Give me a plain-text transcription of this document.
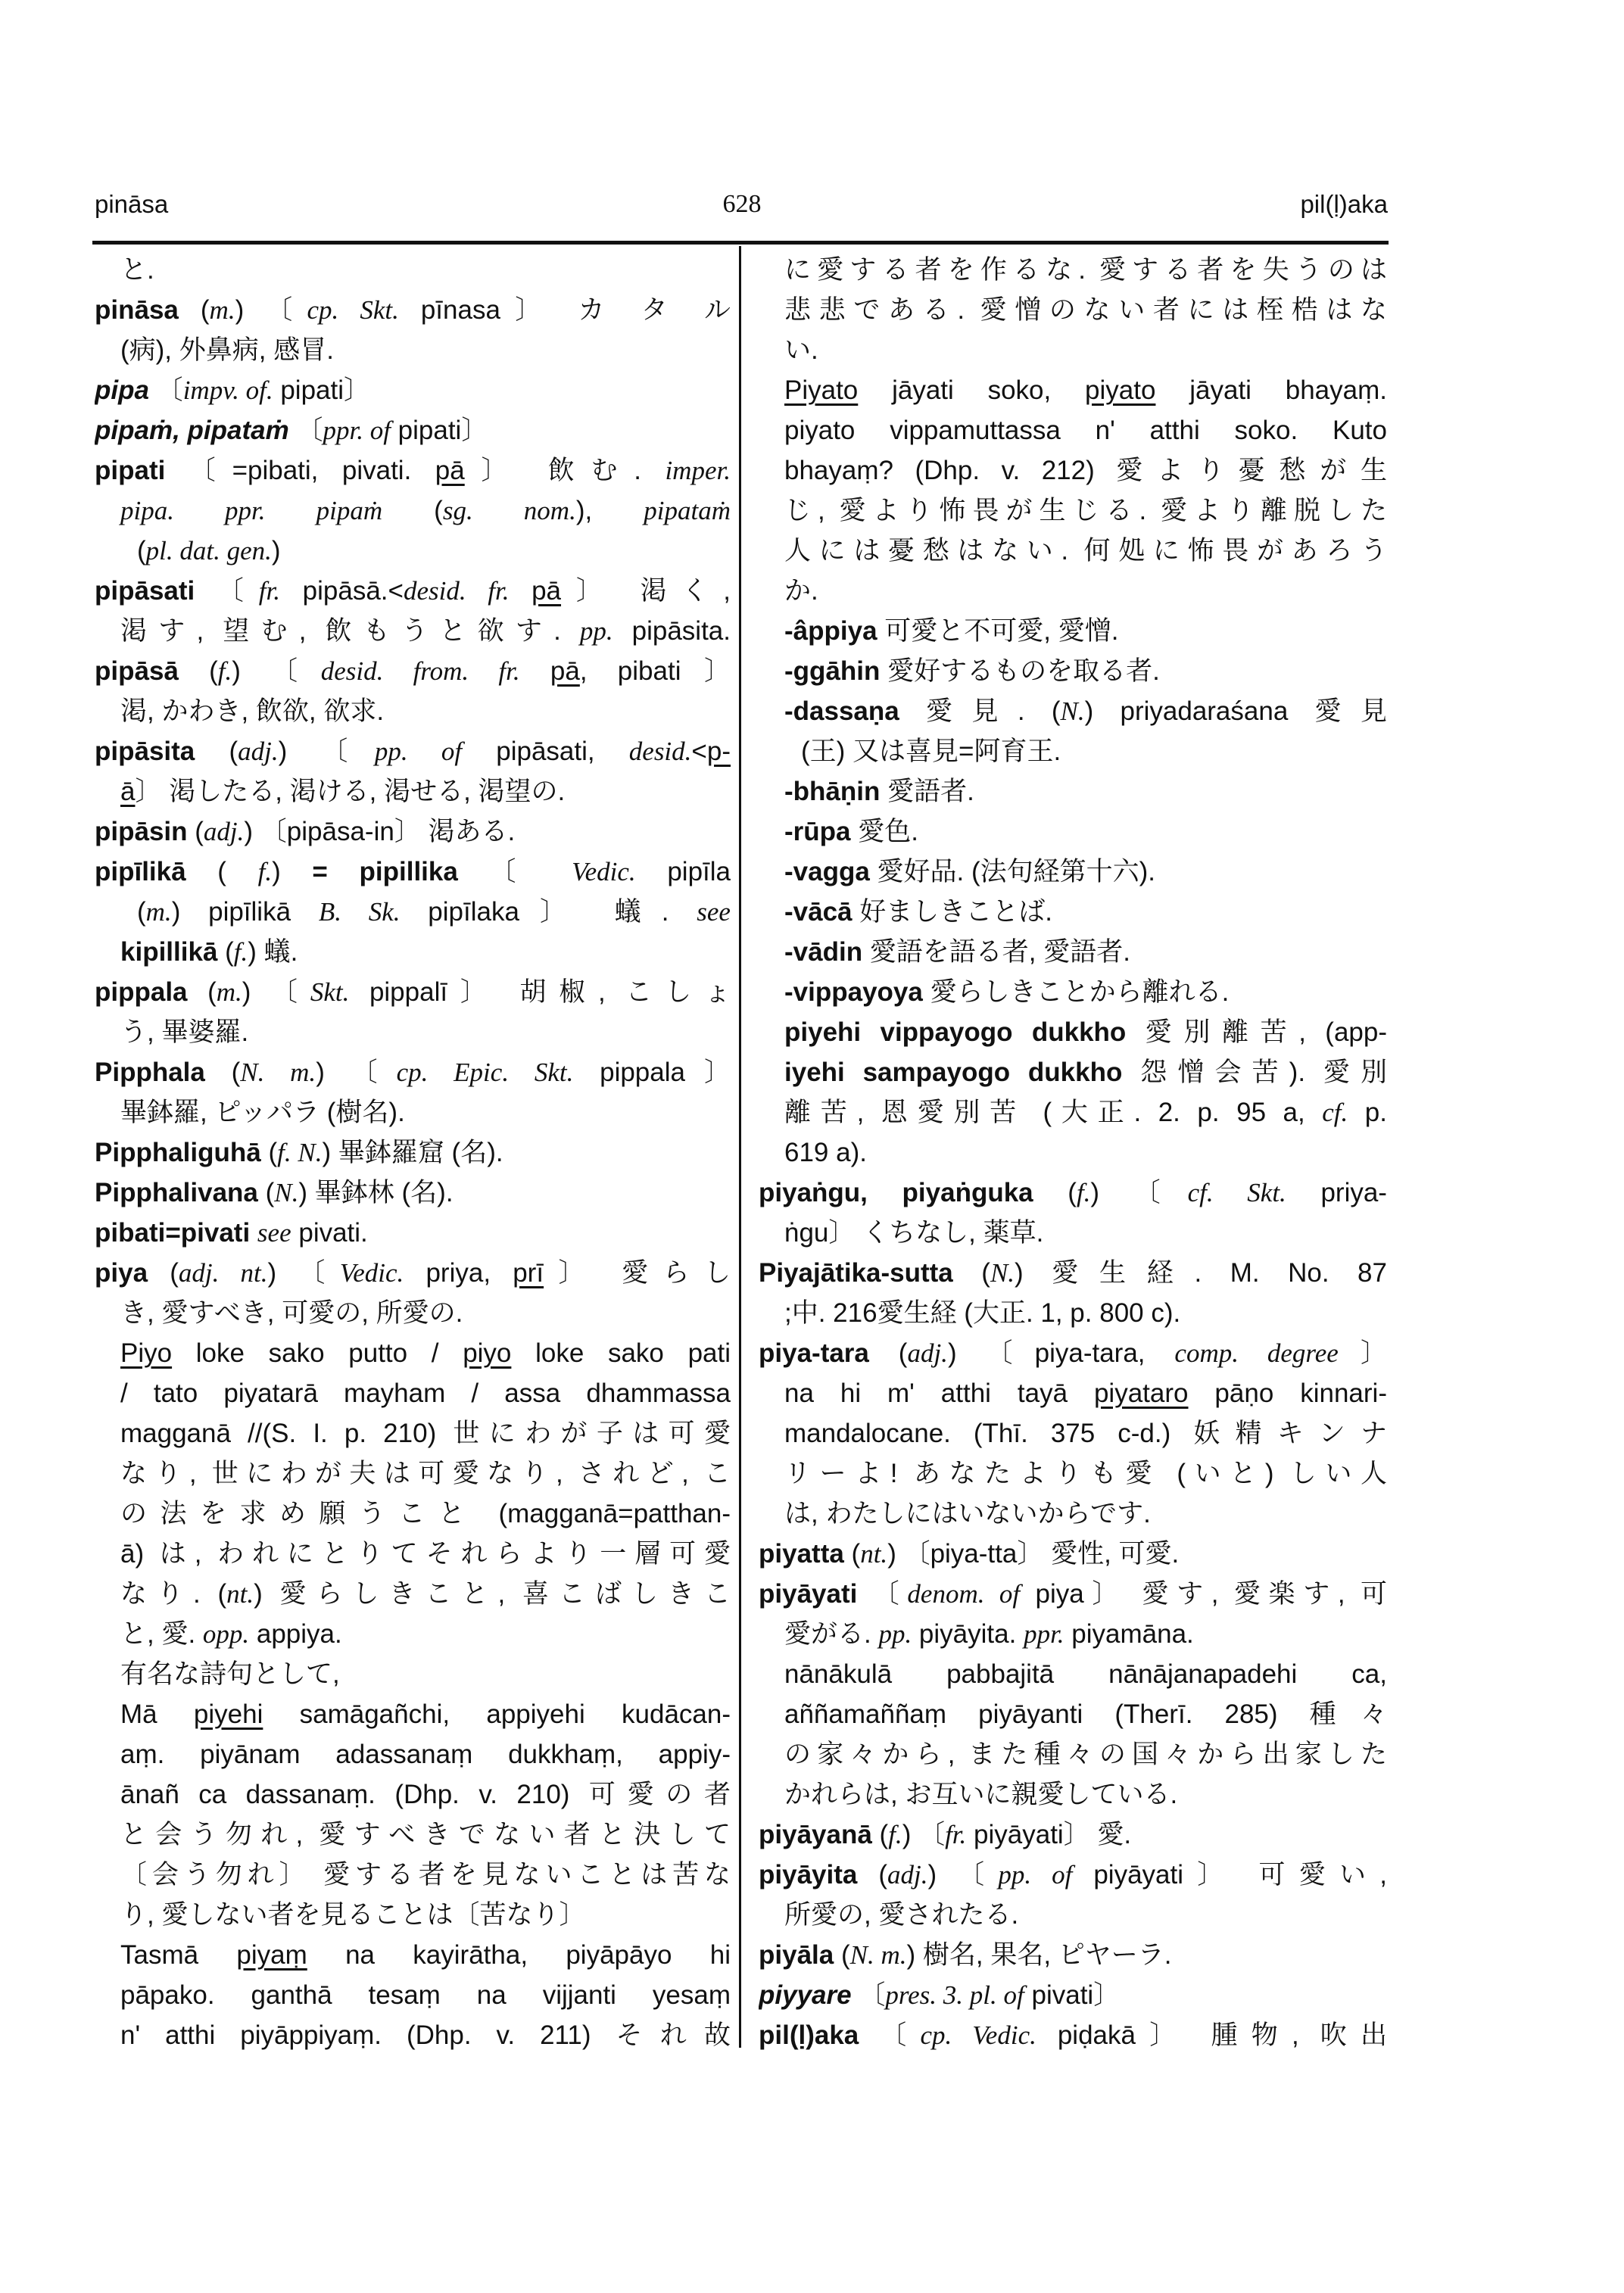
pināsa	628	pil(ḷ)aka
と.
pināsa (m.) 〔cp. Skt. pīnasa〕 カ タ ル
(病), 外鼻病, 感冒.
pipa 〔impv. of. pipati〕
pipaṁ, pipataṁ 〔ppr. of pipati〕
pipati 〔=pibati, pivati. pā〕 飲む. imper.
pipa. ppr. pipaṁ (sg. nom.), pipataṁ
(pl. dat. gen.)
pipāsati 〔fr. pipāsā.<desid. fr. pā〕 渇く,
渇す, 望む, 飲もうと欲す. pp. pipāsita.
pipāsā (f.) 〔desid. from. fr. pā, pibati〕
渇, かわき, 飲欲, 欲求.
pipāsita (adj.) 〔pp. of pipāsati, desid.<p-
ā〕 渇したる, 渇ける, 渇せる, 渇望の.
pipāsin (adj.) 〔pipāsa-in〕 渇ある.
pipīlikā ( f.) = pipillika 〔 Vedic. pipīla
(m.) pipīlikā B. Sk. pipīlaka〕 蟻. see
kipillikā (f.) 蟻.
pippala (m.) 〔Skt. pippalī〕 胡椒, こしょ
う, 畢婆羅.
Pipphala (N. m.) 〔cp. Epic. Skt. pippala〕
畢鉢羅, ピッパラ (樹名).
Pipphaliguhā (f. N.) 畢鉢羅窟 (名).
Pipphalivana (N.) 畢鉢林 (名).
pibati=pivati see pivati.
piya (adj. nt.) 〔Vedic. priya, prī〕 愛らし
き, 愛すべき, 可愛の, 所愛の.
Piyo loke sako putto / piyo loke sako pati
/ tato piyatarā mayham / assa dhammassa
magganā //(S. I. p. 210) 世にわが子は可愛
なり, 世にわが夫は可愛なり, されど, こ
の法を求め願うこと (magganā=patthan-
ā) は, われにとりてそれらより一層可愛
なり. (nt.) 愛らしきこと, 喜こばしきこ
と, 愛. opp. appiya.
有名な詩句として,
Mā piyehi samāgañchi, appiyehi kudācan-
aṃ. piyānam adassanaṃ dukkhaṃ, appiy-
ānañ ca dassanaṃ. (Dhp. v. 210) 可愛の者
と会う勿れ, 愛すべきでない者と決して
〔会う勿れ〕 愛する者を見ないことは苦な
り, 愛しない者を見ることは〔苦なり〕
Tasmā piyaṃ na kayirātha, piyāpāyo hi
pāpako. ganthā tesaṃ na vijjanti yesaṃ
n' atthi piyāppiyaṃ. (Dhp. v. 211) それ故
に愛する者を作るな. 愛する者を失うのは
悲悲である. 愛憎のない者には桎梏はな
い.
Piyato jāyati soko, piyato jāyati bhayaṃ.
piyato vippamuttassa n' atthi soko. Kuto
bhayaṃ? (Dhp. v. 212) 愛より憂愁が生
じ, 愛より怖畏が生じる. 愛より離脱した
人には憂愁はない. 何処に怖畏があろう
か.
-âppiya 可愛と不可愛, 愛憎.
-ggāhin 愛好するものを取る者.
-dassaṇa 愛見. (N.) priyadaraśana 愛見
(王) 又は喜見=阿育王.
-bhāṇin 愛語者.
-rūpa 愛色.
-vagga 愛好品. (法句経第十六).
-vācā 好ましきことば.
-vādin 愛語を語る者, 愛語者.
-vippayoya 愛らしきことから離れる.
piyehi vippayogo dukkho 愛別離苦, (app-
iyehi sampayogo dukkho 怨憎会苦). 愛別
離苦, 恩愛別苦 (大正. 2. p. 95 a, cf. p.
619 a).
piyaṅgu, piyaṅguka (f.) 〔cf. Skt. priya-
ṅgu〕 くちなし, 薬草.
Piyajātika-sutta (N.) 愛生経. M. No. 87
;中. 216愛生経 (大正. 1, p. 800 c).
piya-tara (adj.) 〔piya-tara, comp. degree〕
na hi m' atthi tayā piyataro pāṇo kinnari-
mandalocane. (Thī. 375 c-d.) 妖精キンナ
リーよ! あなたよりも愛 (いと) しい人
は, わたしにはいないからです.
piyatta (nt.) 〔piya-tta〕 愛性, 可愛.
piyāyati 〔denom. of piya〕 愛す, 愛楽す, 可
愛がる. pp. piyāyita. ppr. piyamāna.
nānākulā pabbajitā nānājanapadehi ca,
aññamaññaṃ piyāyanti (Therī. 285) 種々
の家々から, また種々の国々から出家した
かれらは, お互いに親愛している.
piyāyanā (f.) 〔fr. piyāyati〕 愛.
piyāyita (adj.) 〔pp. of piyāyati〕 可愛い,
所愛の, 愛されたる.
piyāla (N. m.) 樹名, 果名, ピヤーラ.
piyyare 〔pres. 3. pl. of pivati〕
pil(ḷ)aka 〔cp. Vedic. piḍakā〕 腫物, 吹出
